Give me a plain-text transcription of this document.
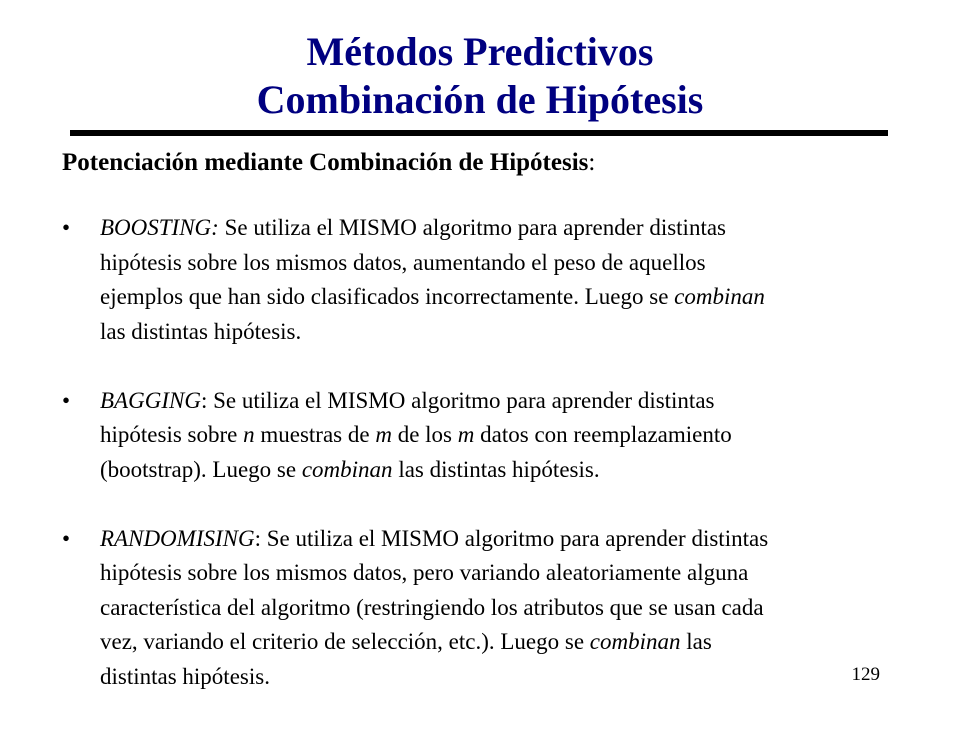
Métodos Predictivos
Combinación de Hipótesis
Potenciación mediante Combinación de Hipótesis:
•	BOOSTING: Se utiliza el MISMO algoritmo para aprender distintas
hipótesis sobre los mismos datos, aumentando el peso de aquellos
ejemplos que han sido clasificados incorrectamente. Luego se combinan
las distintas hipótesis.

•	BAGGING: Se utiliza el MISMO algoritmo para aprender distintas
hipótesis sobre n muestras de m de los m datos con reemplazamiento
(bootstrap). Luego se combinan las distintas hipótesis.

•	RANDOMISING: Se utiliza el MISMO algoritmo para aprender distintas
hipótesis sobre los mismos datos, pero variando aleatoriamente alguna
característica del algoritmo (restringiendo los atributos que se usan cada
vez, variando el criterio de selección, etc.). Luego se combinan las
distintas hipótesis.	129
